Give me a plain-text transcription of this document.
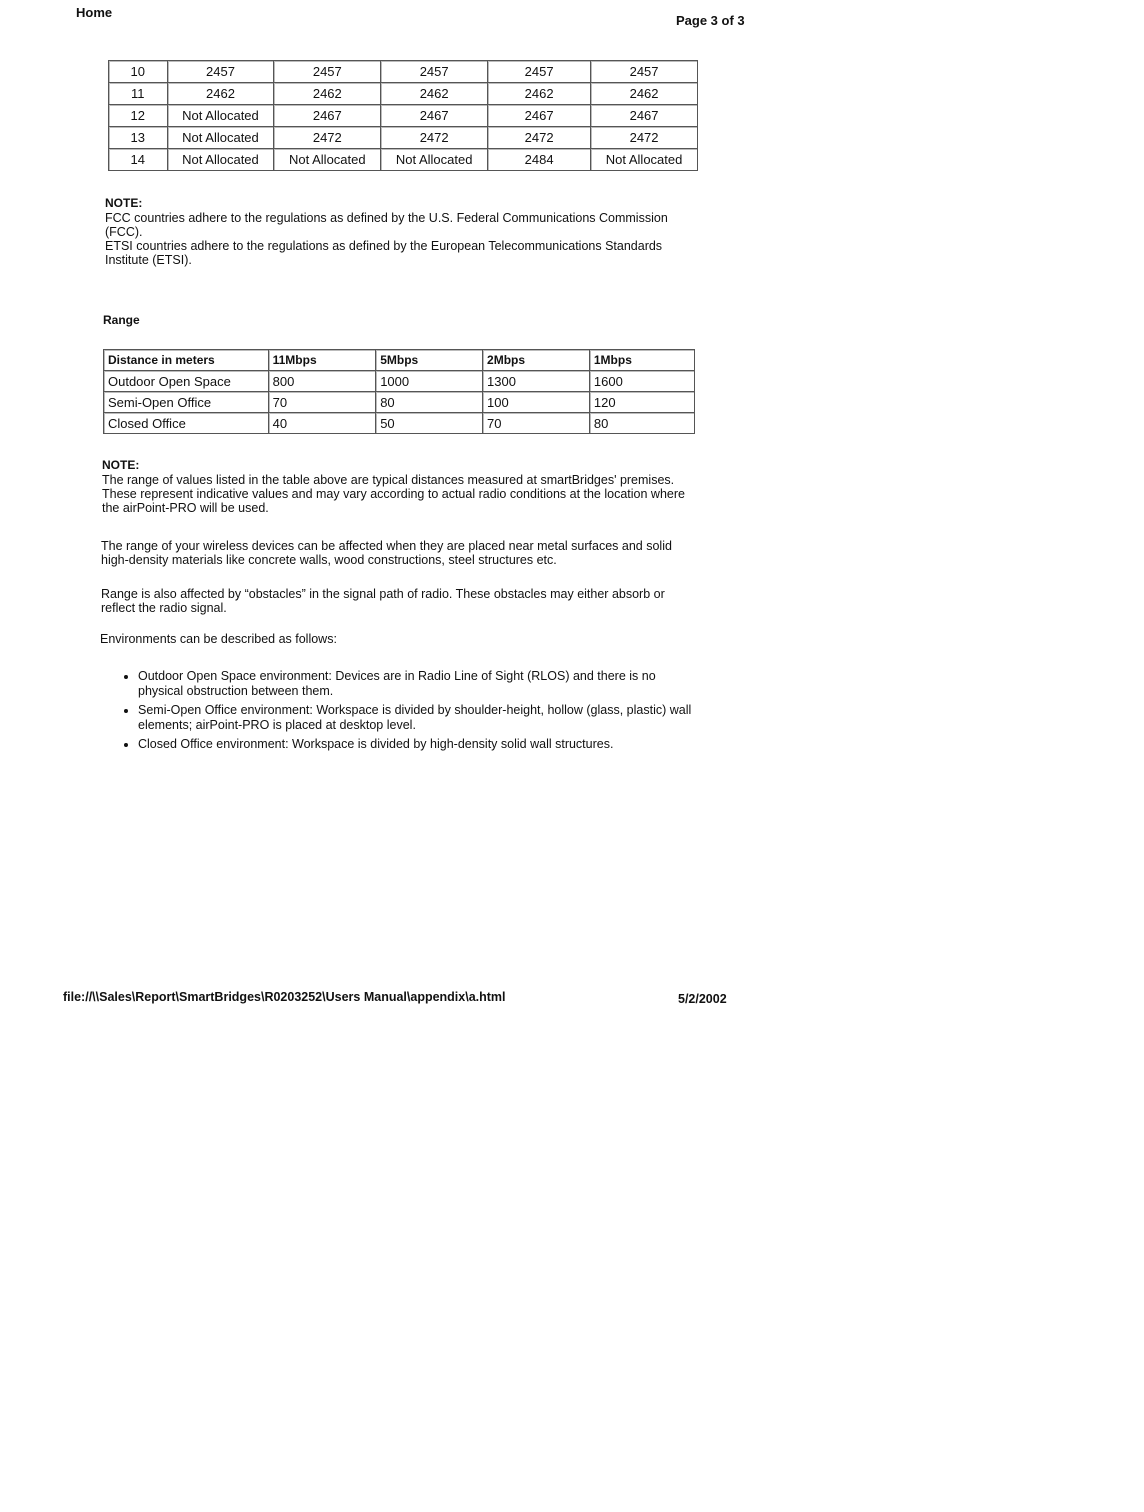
Home
Page 3 of 3
10	2457	2457	2457	2457	2457
11	2462	2462	2462	2462	2462
12	Not Allocated	2467	2467	2467	2467
13	Not Allocated	2472	2472	2472	2472
14	Not Allocated	Not Allocated	Not Allocated	2484	Not Allocated
NOTE:
FCC countries adhere to the regulations as defined by the U.S. Federal Communications Commission (FCC).
ETSI countries adhere to the regulations as defined by the European Telecommunications Standards Institute (ETSI).
Range
Distance in meters	11Mbps	5Mbps	2Mbps	1Mbps
Outdoor Open Space	800	1000	1300	1600
Semi-Open Office	70	80	100	120
Closed Office	40	50	70	80
NOTE:
The range of values listed in the table above are typical distances measured at smartBridges' premises. These represent indicative values and may vary according to actual radio conditions at the location where the airPoint-PRO will be used.
The range of your wireless devices can be affected when they are placed near metal surfaces and solid high-density materials like concrete walls, wood constructions, steel structures etc.
Range is also affected by “obstacles” in the signal path of radio. These obstacles may either absorb or reflect the radio signal.
Environments can be described as follows:
• Outdoor Open Space environment: Devices are in Radio Line of Sight (RLOS) and there is no physical obstruction between them.
• Semi-Open Office environment: Workspace is divided by shoulder-height, hollow (glass, plastic) wall elements; airPoint-PRO is placed at desktop level.
• Closed Office environment: Workspace is divided by high-density solid wall structures.
file://\\Sales\Report\SmartBridges\R0203252\Users Manual\appendix\a.html	5/2/2002
